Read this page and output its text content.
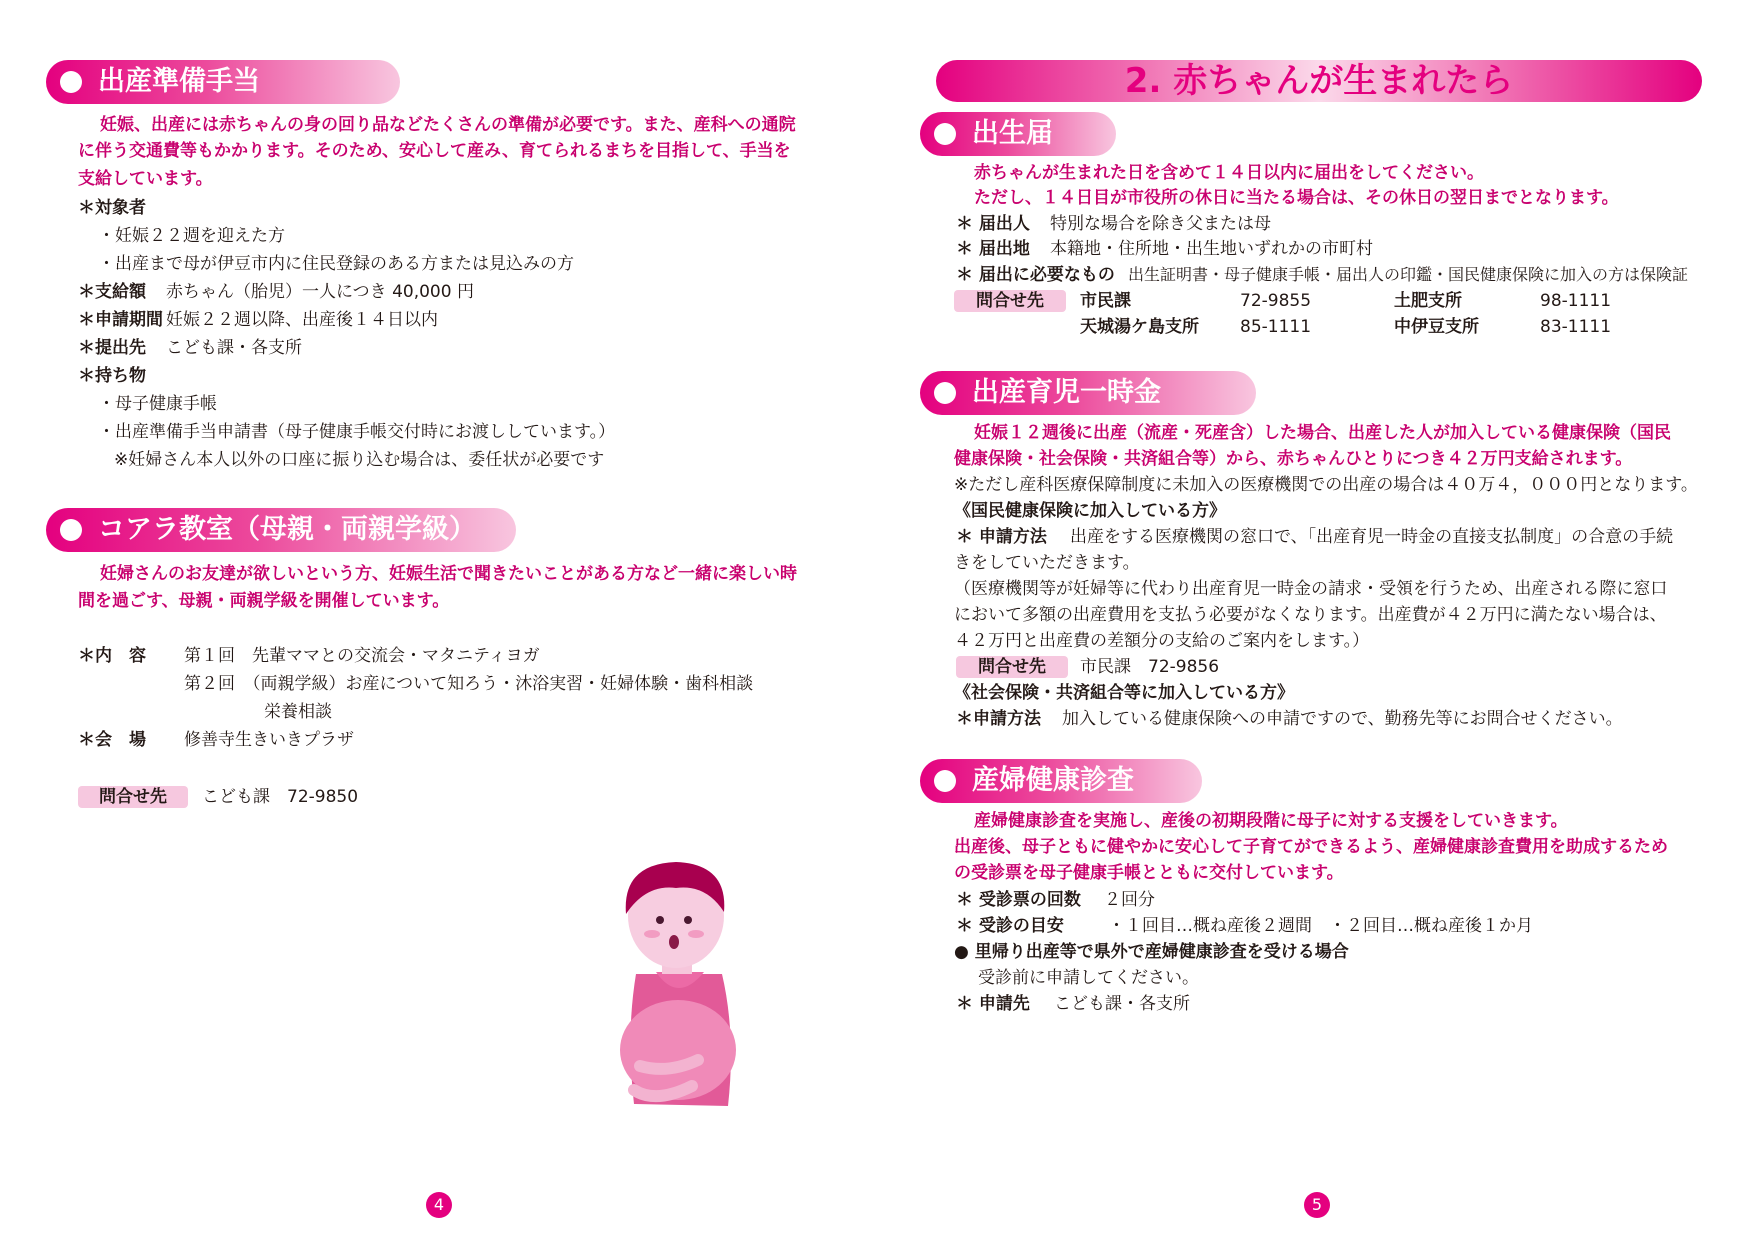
出産準備手当
妊娠、出産には赤ちゃんの身の回り品などたくさんの準備が必要です。また、産科への通院
に伴う交通費等もかかります。そのため、安心して産み、育てられるまちを目指して、手当を
支給しています。
＊対象者
・妊娠２２週を迎えた方
・出産まで母が伊豆市内に住民登録のある方または見込みの方
＊支給額 赤ちゃん（胎児）一人につき 40,000 円
＊申請期間 妊娠２２週以降、出産後１４日以内
＊提出先 こども課・各支所
＊持ち物
・母子健康手帳
・出産準備手当申請書（母子健康手帳交付時にお渡ししています。）
※妊婦さん本人以外の口座に振り込む場合は、委任状が必要です
コアラ教室（母親・両親学級）
妊婦さんのお友達が欲しいという方、妊娠生活で聞きたいことがある方など一緒に楽しい時
間を過ごす、母親・両親学級を開催しています。
＊内　容 第１回　先輩ママとの交流会・マタニティヨガ
第２回　（両親学級）お産について知ろう・沐浴実習・妊婦体験・歯科相談
栄養相談
＊会　場 修善寺生きいきプラザ
問合せ先	こども課　72-9850
4
2. 赤ちゃんが生まれたら
出生届
赤ちゃんが生まれた日を含めて１４日以内に届出をしてください。
ただし、１４日目が市役所の休日に当たる場合は、その休日の翌日までとなります。
＊ 届出人 特別な場合を除き父または母
＊ 届出地 本籍地・住所地・出生地いずれかの市町村
＊ 届出に必要なもの 出生証明書・母子健康手帳・届出人の印鑑・国民健康保険に加入の方は保険証
問合せ先	市民課	72-9855	土肥支所	98-1111
天城湯ケ島支所 85-1111	中伊豆支所	83-1111
出産育児一時金
妊娠１２週後に出産（流産・死産含）した場合、出産した人が加入している健康保険（国民
健康保険・社会保険・共済組合等）から、赤ちゃんひとりにつき４２万円支給されます。
※ただし産科医療保障制度に未加入の医療機関での出産の場合は４０万４，０００円となります。
《国民健康保険に加入している方》
＊ 申請方法 出産をする医療機関の窓口で、「出産育児一時金の直接支払制度」の合意の手続
きをしていただきます。
（医療機関等が妊婦等に代わり出産育児一時金の請求・受領を行うため、出産される際に窓口
において多額の出産費用を支払う必要がなくなります。出産費が４２万円に満たない場合は、
４２万円と出産費の差額分の支給のご案内をします。）
問合せ先	市民課　72-9856
《社会保険・共済組合等に加入している方》
＊申請方法 加入している健康保険への申請ですので、勤務先等にお問合せください。
産婦健康診査
産婦健康診査を実施し、産後の初期段階に母子に対する支援をしていきます。
出産後、母子ともに健やかに安心して子育てができるよう、産婦健康診査費用を助成するため
の受診票を母子健康手帳とともに交付しています。
＊ 受診票の回数 ２回分
＊ 受診の目安	・１回目…概ね産後２週間　・２回目…概ね産後１か月
● 里帰り出産等で県外で産婦健康診査を受ける場合
受診前に申請してください。
＊ 申請先 こども課・各支所
5
